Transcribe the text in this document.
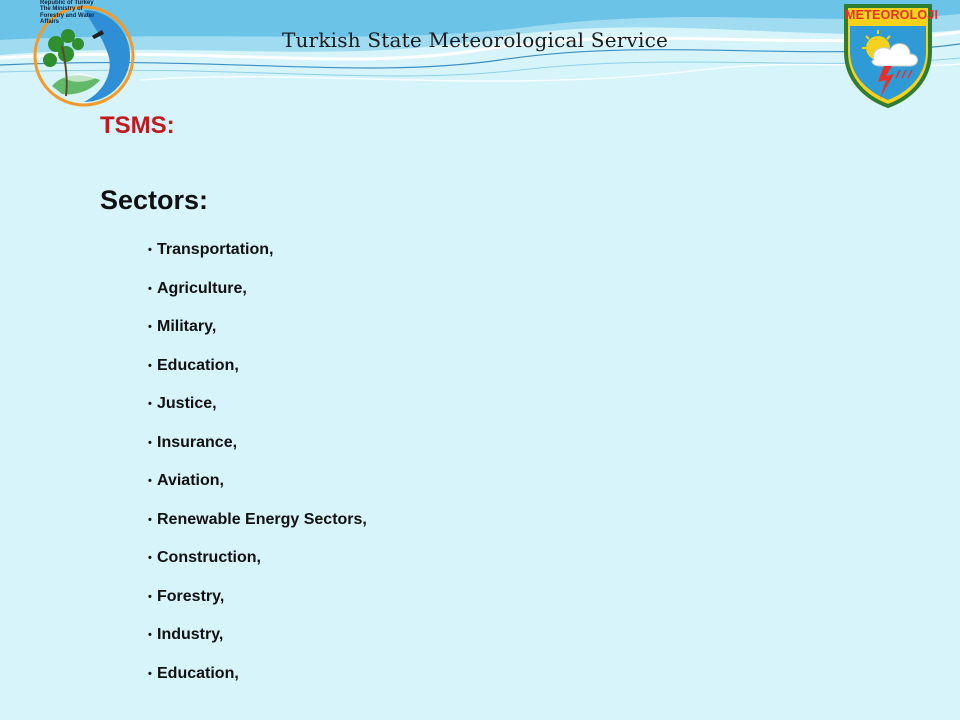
Republic of Turkey
The Ministry of
Forestry and Water
Affairs
Turkish State Meteorological Service
METEOROLOJI
TSMS:
Sectors:
• Transportation,
• Agriculture,
• Military,
• Education,
• Justice,
• Insurance,
• Aviation,
• Renewable Energy Sectors,
• Construction,
• Forestry,
• Industry,
• Education,
